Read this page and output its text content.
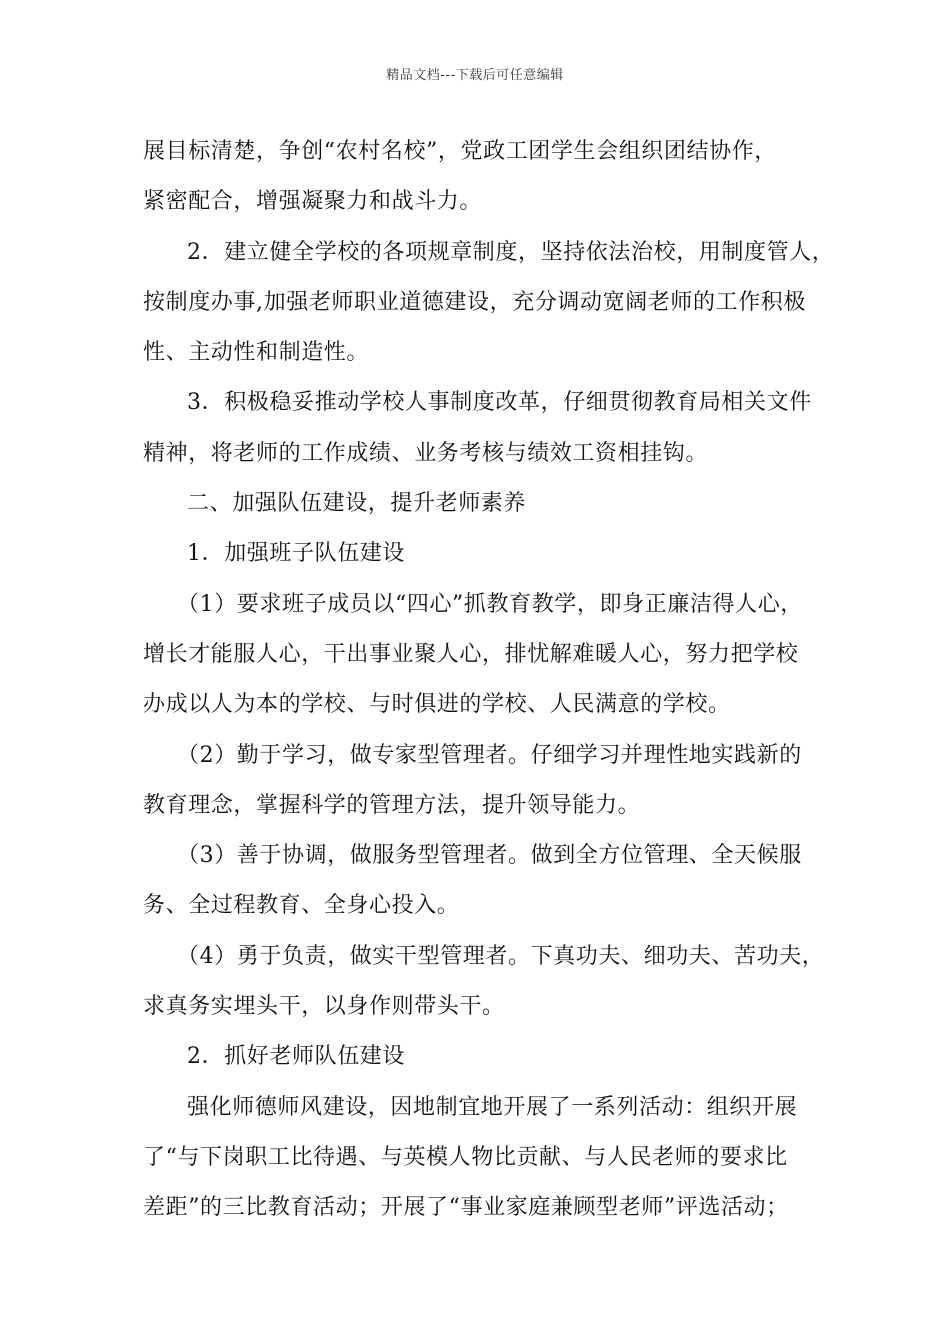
精品文档---下载后可任意编辑
展目标清楚，争创“农村名校”，党政工团学生会组织团结协作，
紧密配合，增强凝聚力和战斗力。
2．建立健全学校的各项规章制度，坚持依法治校，用制度管人，
按制度办事,加强老师职业道德建设，充分调动宽阔老师的工作积极
性、主动性和制造性。
3．积极稳妥推动学校人事制度改革，仔细贯彻教育局相关文件
精神，将老师的工作成绩、业务考核与绩效工资相挂钩。
二、加强队伍建设，提升老师素养
1．加强班子队伍建设
（1）要求班子成员以“四心”抓教育教学，即身正廉洁得人心，
增长才能服人心，干出事业聚人心，排忧解难暖人心，努力把学校
办成以人为本的学校、与时俱进的学校、人民满意的学校。
（2）勤于学习，做专家型管理者。仔细学习并理性地实践新的
教育理念，掌握科学的管理方法，提升领导能力。
（3）善于协调，做服务型管理者。做到全方位管理、全天候服
务、全过程教育、全身心投入。
（4）勇于负责，做实干型管理者。下真功夫、细功夫、苦功夫，
求真务实埋头干，以身作则带头干。
2．抓好老师队伍建设
强化师德师风建设，因地制宜地开展了一系列活动：组织开展
了“与下岗职工比待遇、与英模人物比贡献、与人民老师的要求比
差距”的三比教育活动；开展了“事业家庭兼顾型老师”评选活动；
